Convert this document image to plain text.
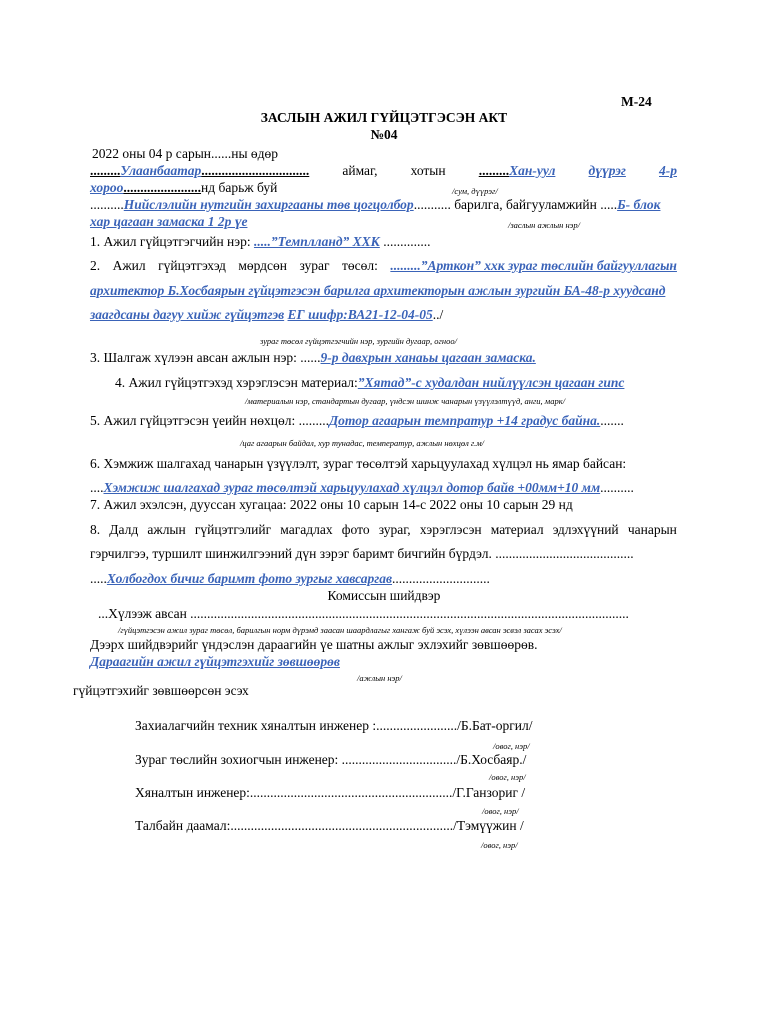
М-24
ЗАСЛЫН АЖИЛ ГҮЙЦЭТГЭСЭН АКТ
№04
2022 оны 04 р сарын......ны өдөр
.........Улаанбаатар................................ аймаг, хотын .........Хан-уул дүүрэг 4-р
хороо.......................нд барьж буй	/сум, дүүрэг/
..........Нийслэлийн нутгийн захиргааны төв цогцолбор........... барилга, байгууламжийн .....Б- блок
хар цагаан замаска 1 2р үе	/заслын ажлын нэр/
1. Ажил гүйцэтгэгчийн нэр: .....”Темплланд” ХХК ..............
2. Ажил гүйцэтгэхэд мөрдсөн зураг төсөл: .........”Арткон” ххк зураг төслийн байгууллагын
архитектор Б.Хосбаярын гүйцэтгэсэн барилга архитекторын ажлын зургийн БА-48-р хуудсанд
заагдсаны дагуу хийж гүйцэтгэв ЕГ шифр:ВА21-12-04-05../
зураг төсөл гүйцэтгэгчийн нэр, зургийн дугаар, огноо/
3. Шалгаж хүлээн авсан ажлын нэр: ......9-р давхрын ханаьы цагаан замаска.
4. Ажил гүйцэтгэхэд хэрэглэсэн материал:”Хятад”-с худалдан нийлүүлсэн цагаан гипс
/материалын нэр, стандартын дугаар, үндсэн шинж чанарын үзүүлэлтүүд, анги, марк/
5. Ажил гүйцэтгэсэн үеийн нөхцөл: .........Дотор агаарын темпратур +14 градус байна........
/цаг агаарын байдал, хур тунадас, температур, ажлын нөхцөл г.м/
6. Хэмжиж шалгахад чанарын үзүүлэлт, зураг төсөлтэй харьцуулахад хүлцэл нь ямар байсан:
....Хэмжиж шалгахад зураг төсөлтэй харьцуулахад хүлцэл дотор байв +00мм+10 мм..........
7. Ажил эхэлсэн, дууссан хугацаа: 2022 оны 10 сарын 14-с 2022 оны 10 сарын 29 нд
8. Далд ажлын гүйцэтгэлийг магадлах фото зураг, хэрэглэсэн материал эдлэхүүний чанарын
гэрчилгээ, туршилт шинжилгээний дүн зэрэг баримт бичгийн бүрдэл. .........................................
.....Холбогдох бичиг баримт фото зургыг хавсаргав.............................
Комиссын шийдвэр
...Хүлээж авсан ..................................................................................................................................
/гүйцэтгэсэн ажил зураг төсөл, барилгын норм дүрэмд заасан шаардлагыг хангаж буй эсэх, хүлээн авсан эсвэл засах эсэх/
Дээрх шийдвэрийг үндэслэн дараагийн үе шатны ажлыг эхлэхийг зөвшөөрөв.
Дараагийн ажил гүйцэтгэхийг зөвшөөрөв
/ажлын нэр/
гүйцэтгэхийг зөвшөөрсөн эсэх
Захиалагчийн техник хяналтын инженер :......................../Б.Бат-оргил/
/овог, нэр/
Зураг төслийн зохиогчын инженер: ................................../Б.Хосбаяр./
/овог, нэр/
Хяналтын инженер:............................................................/Г.Ганзориг /
/овог, нэр/
Талбайн даамал:................................................................../Тэмүүжин /
/овог, нэр/
